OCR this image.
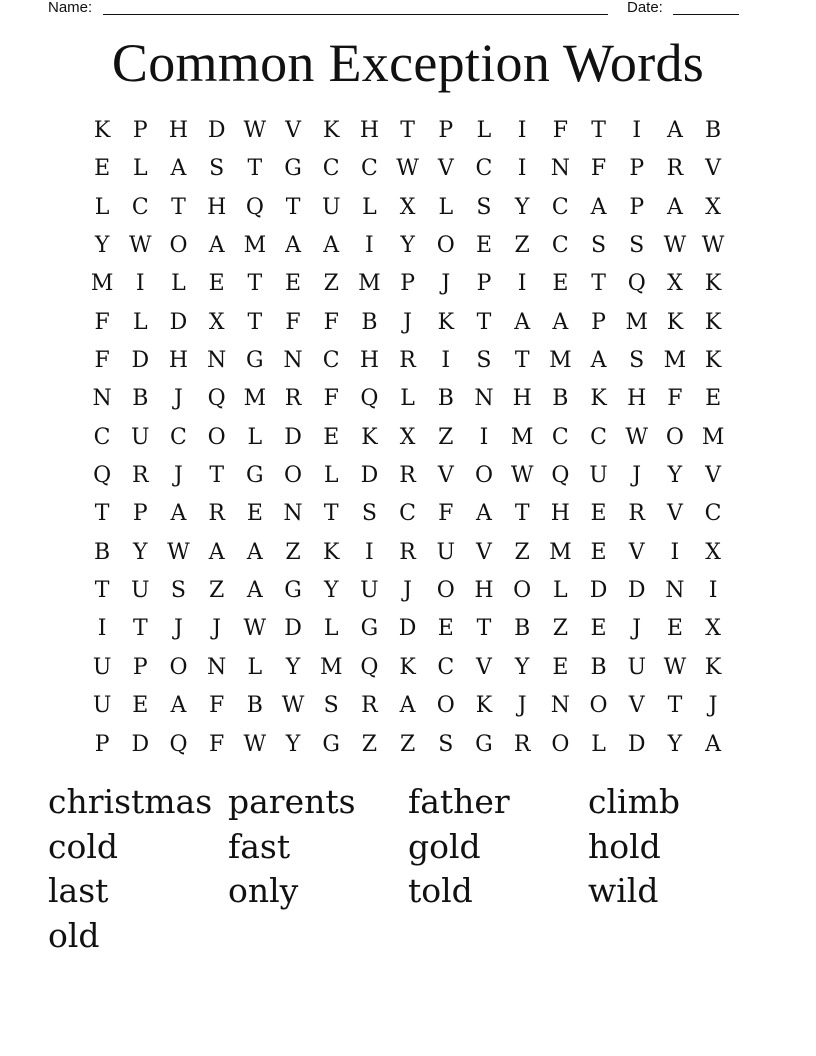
Name:	Date:
Common Exception Words
K	P H D W V	K H T	P	L	I	F	T	I	A	B
E	L	A	S	T	G C C W V C	I	N F	P	R V
L	C	T H Q T U L	X	L	S	Y	C A	P	A	X
Y W O A M A	A	I	Y O E	Z	C	S	S W W
M	I	L	E	T	E	Z M P	J	P	I	E	T Q X	K
F	L	D X	T	F	F	B	J	K	T	A	A	P M K K
F D H N G N C H R	I	S	T M A	S M K
N B	J	Q M R	F Q L	B N H B K H F	E
C U C O L	D E K	X	Z	I	M C C W O M
Q R	J	T	G O L	D R V O W Q U	J	Y	V
T	P	A R E N T	S	C	F	A	T H E R V C
B	Y W A	A	Z	K	I	R U V	Z M E	V	I	X
T U S	Z	A G	Y U	J	O H O L	D D N	I
I	T	J	J	W D	L	G D E	T	B	Z	E	J	E	X
U P O N L	Y M Q K C V	Y	E	B U W K
U E	A	F	B W S	R A O K	J	N O V	T	J
P D Q F W Y	G Z	Z	S G R O L	D	Y	A
christmas parents	father	climb
cold	fast	gold	hold
last	only	told	wild
old
